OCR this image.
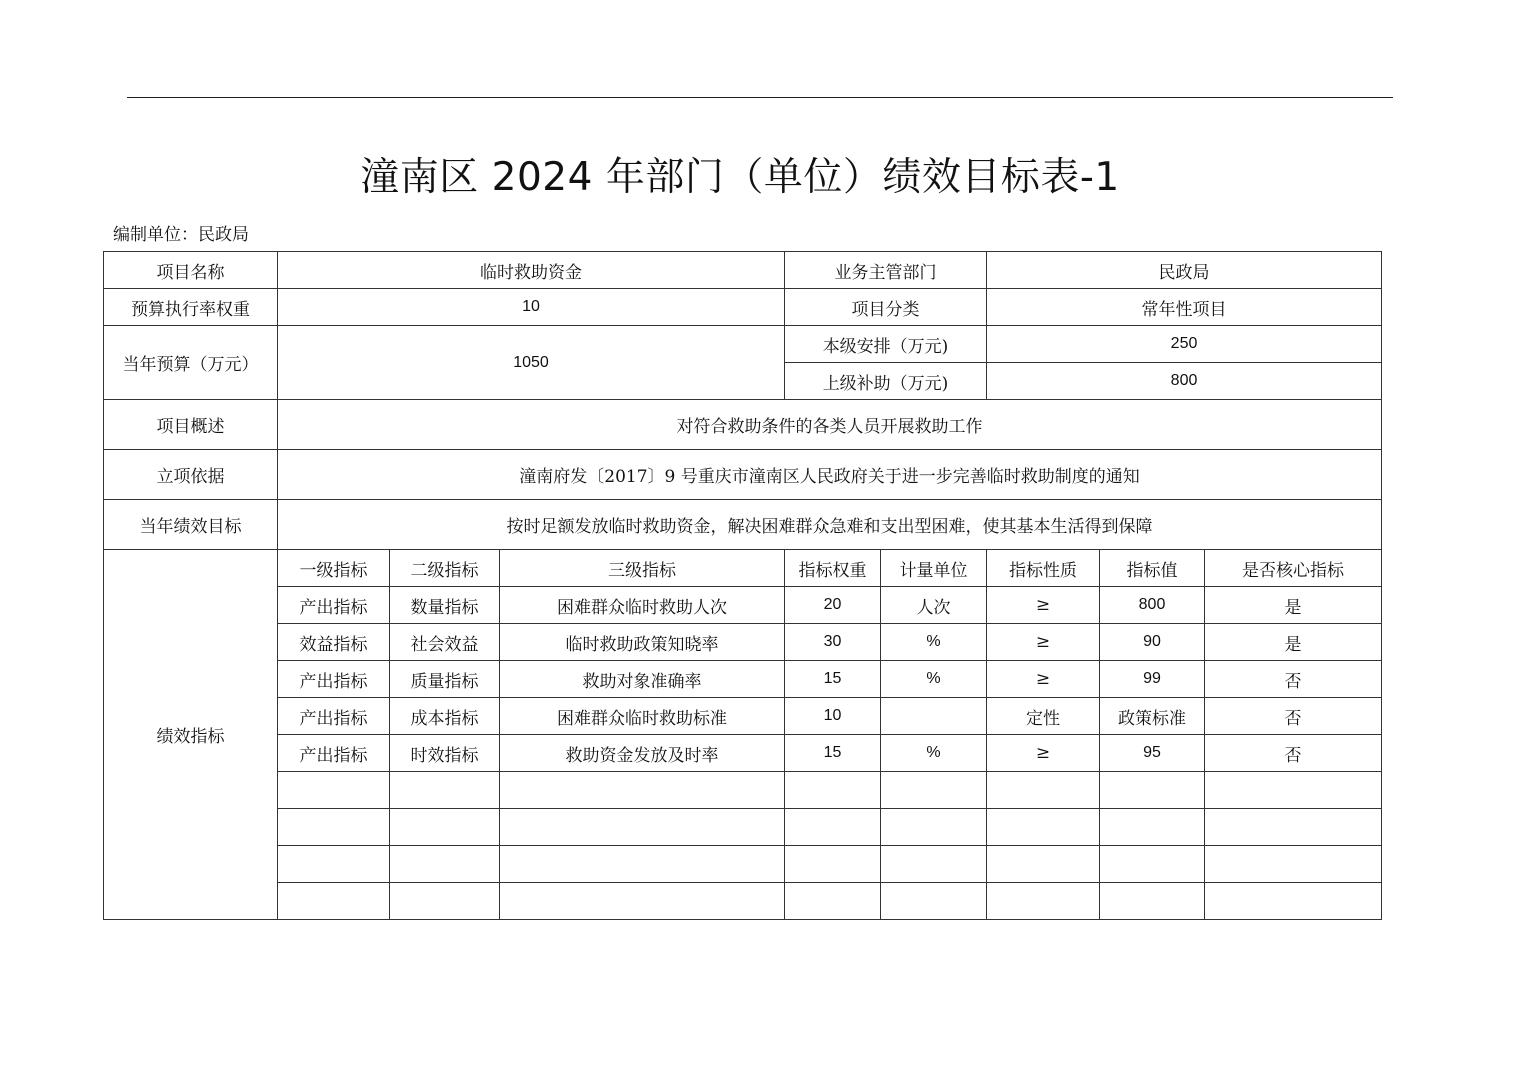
潼南区 2024 年部门（单位）绩效目标表-1
编制单位：民政局
项目名称	临时救助资金			业务主管部门		民政局		
预算执行率权重	10			项目分类		常年性项目		
当年预算（万元）	1050			本级安排（万元)		250		
				上级补助（万元)		800		
项目概述	对符合救助条件的各类人员开展救助工作							
立项依据	潼南府发〔2017〕9 号重庆市潼南区人民政府关于进一步完善临时救助制度的通知							
当年绩效目标	按时足额发放临时救助资金，解决困难群众急难和支出型困难，使其基本生活得到保障							
绩效指标	一级指标	二级指标	三级指标	指标权重	计量单位	指标性质	指标值	是否核心指标
	产出指标	数量指标	困难群众临时救助人次	20	人次	≥	800	是
	效益指标	社会效益	临时救助政策知晓率	30	%	≥	90	是
	产出指标	质量指标	救助对象准确率	15	%	≥	99	否
	产出指标	成本指标	困难群众临时救助标准	10		定性	政策标准	否
	产出指标	时效指标	救助资金发放及时率	15	%	≥	95	否
